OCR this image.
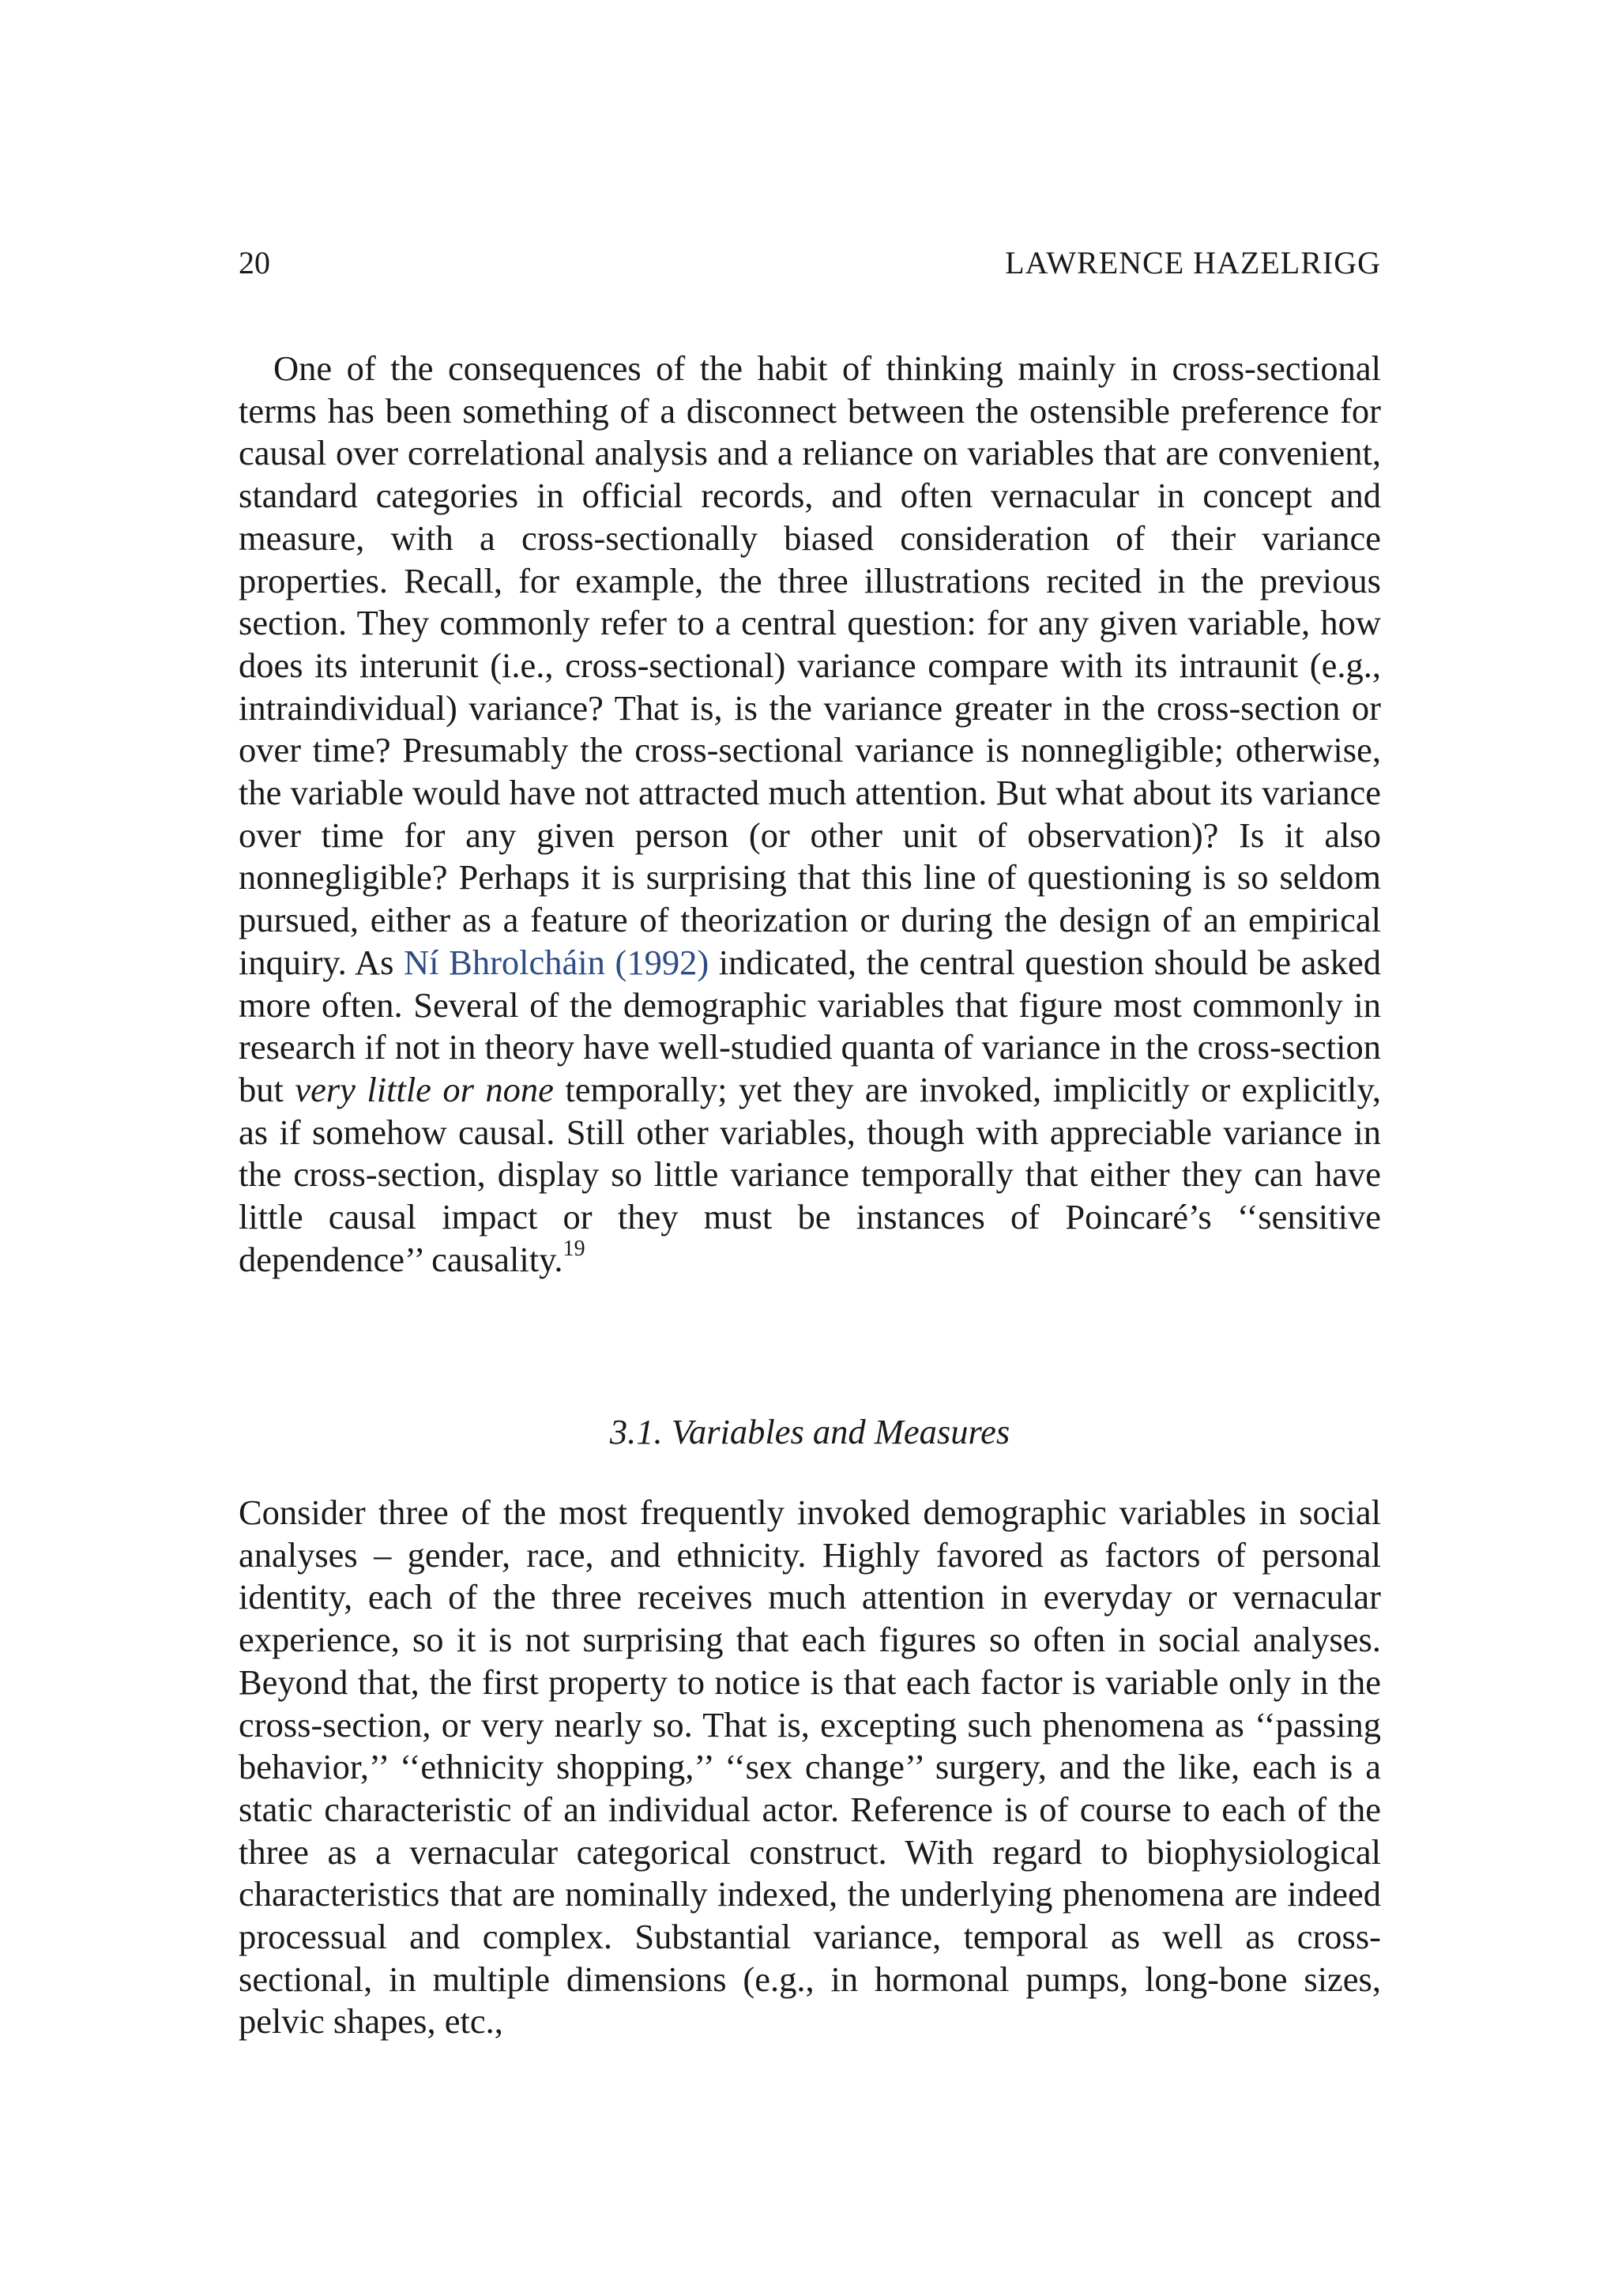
20	LAWRENCE HAZELRIGG

One of the consequences of the habit of thinking mainly in cross-sectional terms has been something of a disconnect between the ostensible preference for causal over correlational analysis and a reliance on variables that are convenient, standard categories in official records, and often vernacular in concept and measure, with a cross-sectionally biased consideration of their variance properties. Recall, for example, the three illustrations recited in the previous section. They commonly refer to a central question: for any given variable, how does its interunit (i.e., cross-sectional) variance compare with its intraunit (e.g., intraindividual) variance? That is, is the variance greater in the cross-section or over time? Presumably the cross-sectional variance is nonnegligible; otherwise, the variable would have not attracted much attention. But what about its variance over time for any given person (or other unit of observation)? Is it also nonnegligible? Perhaps it is surprising that this line of questioning is so seldom pursued, either as a feature of theorization or during the design of an empirical inquiry. As Ní Bhrolcháin (1992) indicated, the central question should be asked more often. Several of the demographic variables that figure most commonly in research if not in theory have well-studied quanta of variance in the cross-section but very little or none temporally; yet they are invoked, implicitly or explicitly, as if somehow causal. Still other variables, though with appreciable variance in the cross-section, display so little variance temporally that either they can have little causal impact or they must be instances of Poincaré’s ‘‘sensitive dependence’’ causality.$^{19}$

3.1. Variables and Measures

Consider three of the most frequently invoked demographic variables in social analyses – gender, race, and ethnicity. Highly favored as factors of personal identity, each of the three receives much attention in everyday or vernacular experience, so it is not surprising that each figures so often in social analyses. Beyond that, the first property to notice is that each factor is variable only in the cross-section, or very nearly so. That is, excepting such phenomena as ‘‘passing behavior,’’ ‘‘ethnicity shopping,’’ ‘‘sex change’’ surgery, and the like, each is a static characteristic of an individual actor. Reference is of course to each of the three as a vernacular categorical construct. With regard to biophysiological characteristics that are nominally indexed, the underlying phenomena are indeed processual and complex. Substantial variance, temporal as well as cross-sectional, in multiple dimensions (e.g., in hormonal pumps, long-bone sizes, pelvic shapes, etc.,
